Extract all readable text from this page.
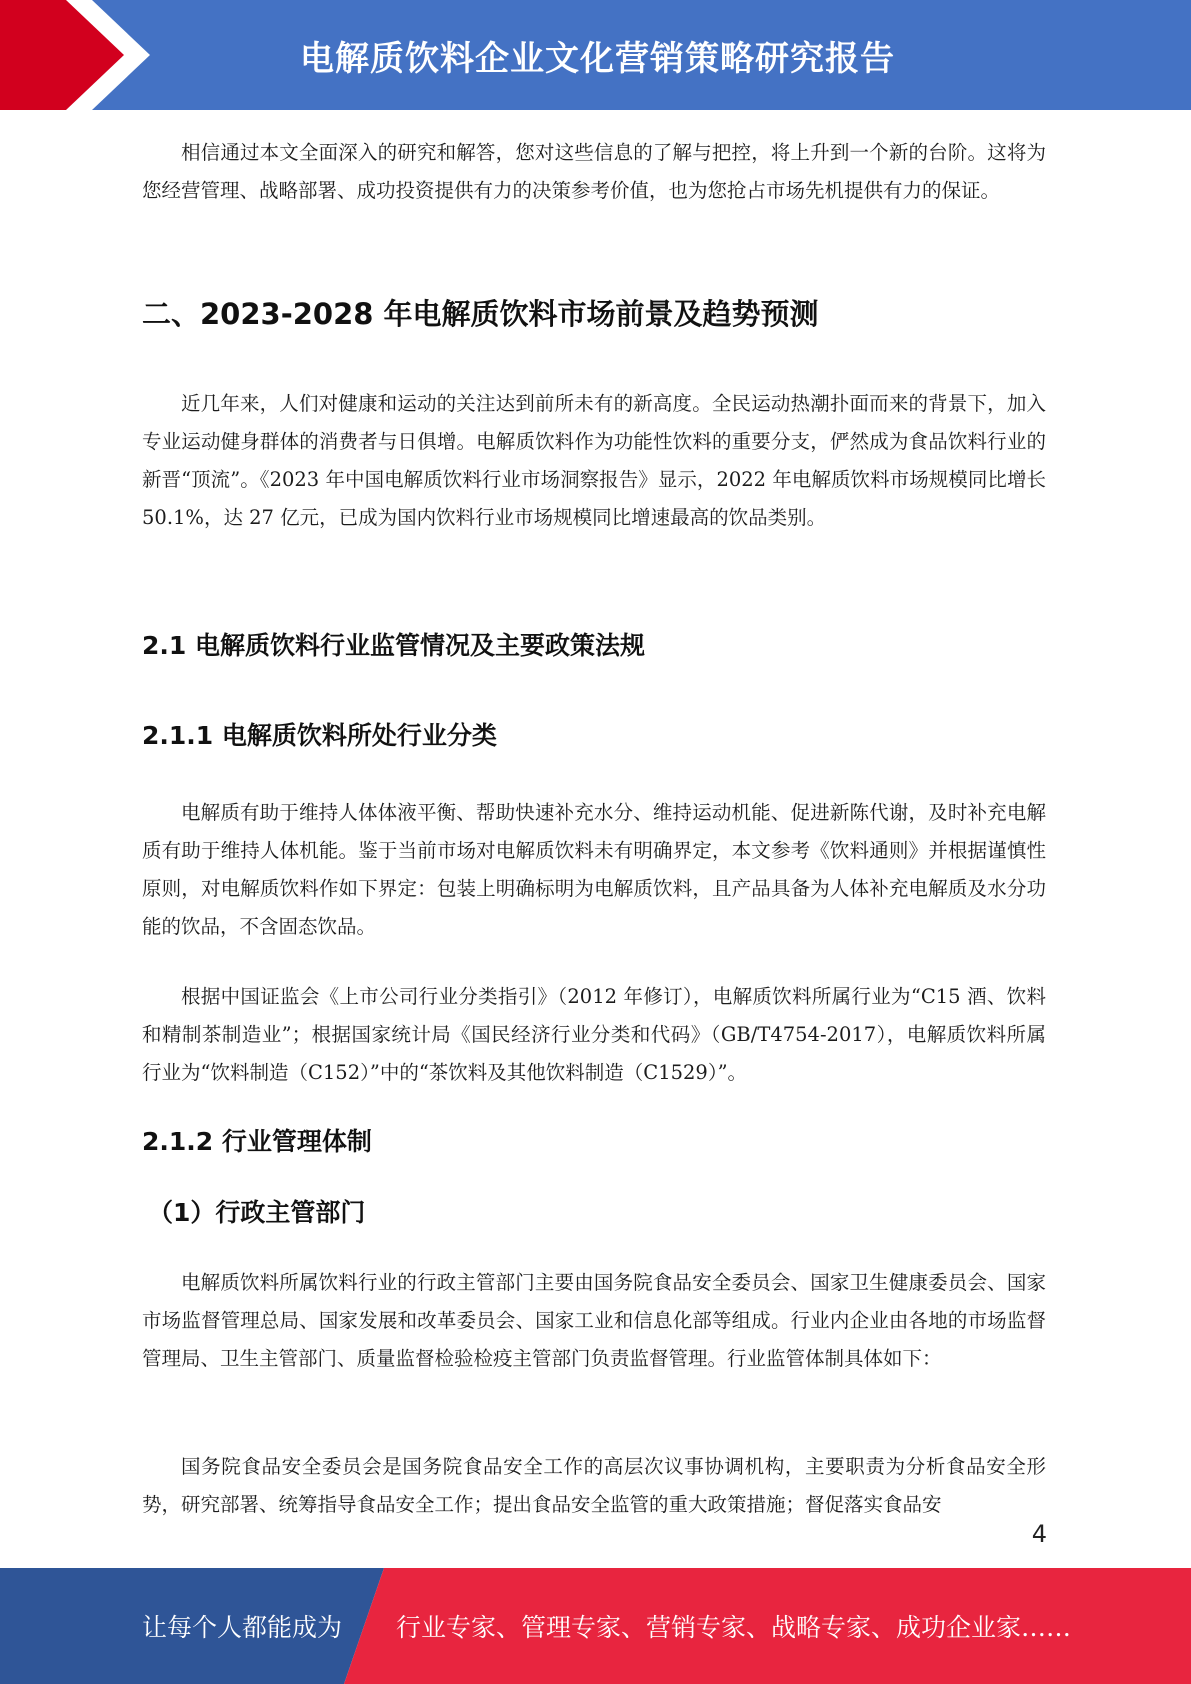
电解质饮料企业文化营销策略研究报告

相信通过本文全面深入的研究和解答，您对这些信息的了解与把控，将上升到一个新的台阶。这将为您经营管理、战略部署、成功投资提供有力的决策参考价值，也为您抢占市场先机提供有力的保证。

二、2023-2028 年电解质饮料市场前景及趋势预测

近几年来，人们对健康和运动的关注达到前所未有的新高度。全民运动热潮扑面而来的背景下，加入专业运动健身群体的消费者与日俱增。电解质饮料作为功能性饮料的重要分支，俨然成为食品饮料行业的新晋“顶流”。《2023 年中国电解质饮料行业市场洞察报告》显示，2022 年电解质饮料市场规模同比增长 50.1%，达 27 亿元，已成为国内饮料行业市场规模同比增速最高的饮品类别。

2.1 电解质饮料行业监管情况及主要政策法规
2.1.1 电解质饮料所处行业分类

电解质有助于维持人体体液平衡、帮助快速补充水分、维持运动机能、促进新陈代谢，及时补充电解质有助于维持人体机能。鉴于当前市场对电解质饮料未有明确界定，本文参考《饮料通则》并根据谨慎性原则，对电解质饮料作如下界定：包装上明确标明为电解质饮料，且产品具备为人体补充电解质及水分功能的饮品，不含固态饮品。

根据中国证监会《上市公司行业分类指引》（2012 年修订），电解质饮料所属行业为“C15 酒、饮料和精制茶制造业”；根据国家统计局《国民经济行业分类和代码》（GB/T4754-2017），电解质饮料所属行业为“饮料制造（C152）”中的“茶饮料及其他饮料制造（C1529）”。

2.1.2 行业管理体制
（1）行政主管部门

电解质饮料所属饮料行业的行政主管部门主要由国务院食品安全委员会、国家卫生健康委员会、国家市场监督管理总局、国家发展和改革委员会、国家工业和信息化部等组成。行业内企业由各地的市场监督管理局、卫生主管部门、质量监督检验检疫主管部门负责监督管理。行业监管体制具体如下：

国务院食品安全委员会是国务院食品安全工作的高层次议事协调机构，主要职责为分析食品安全形势，研究部署、统筹指导食品安全工作；提出食品安全监管的重大政策措施；督促落实食品安

4
让每个人都能成为 行业专家、管理专家、营销专家、战略专家、成功企业家……
